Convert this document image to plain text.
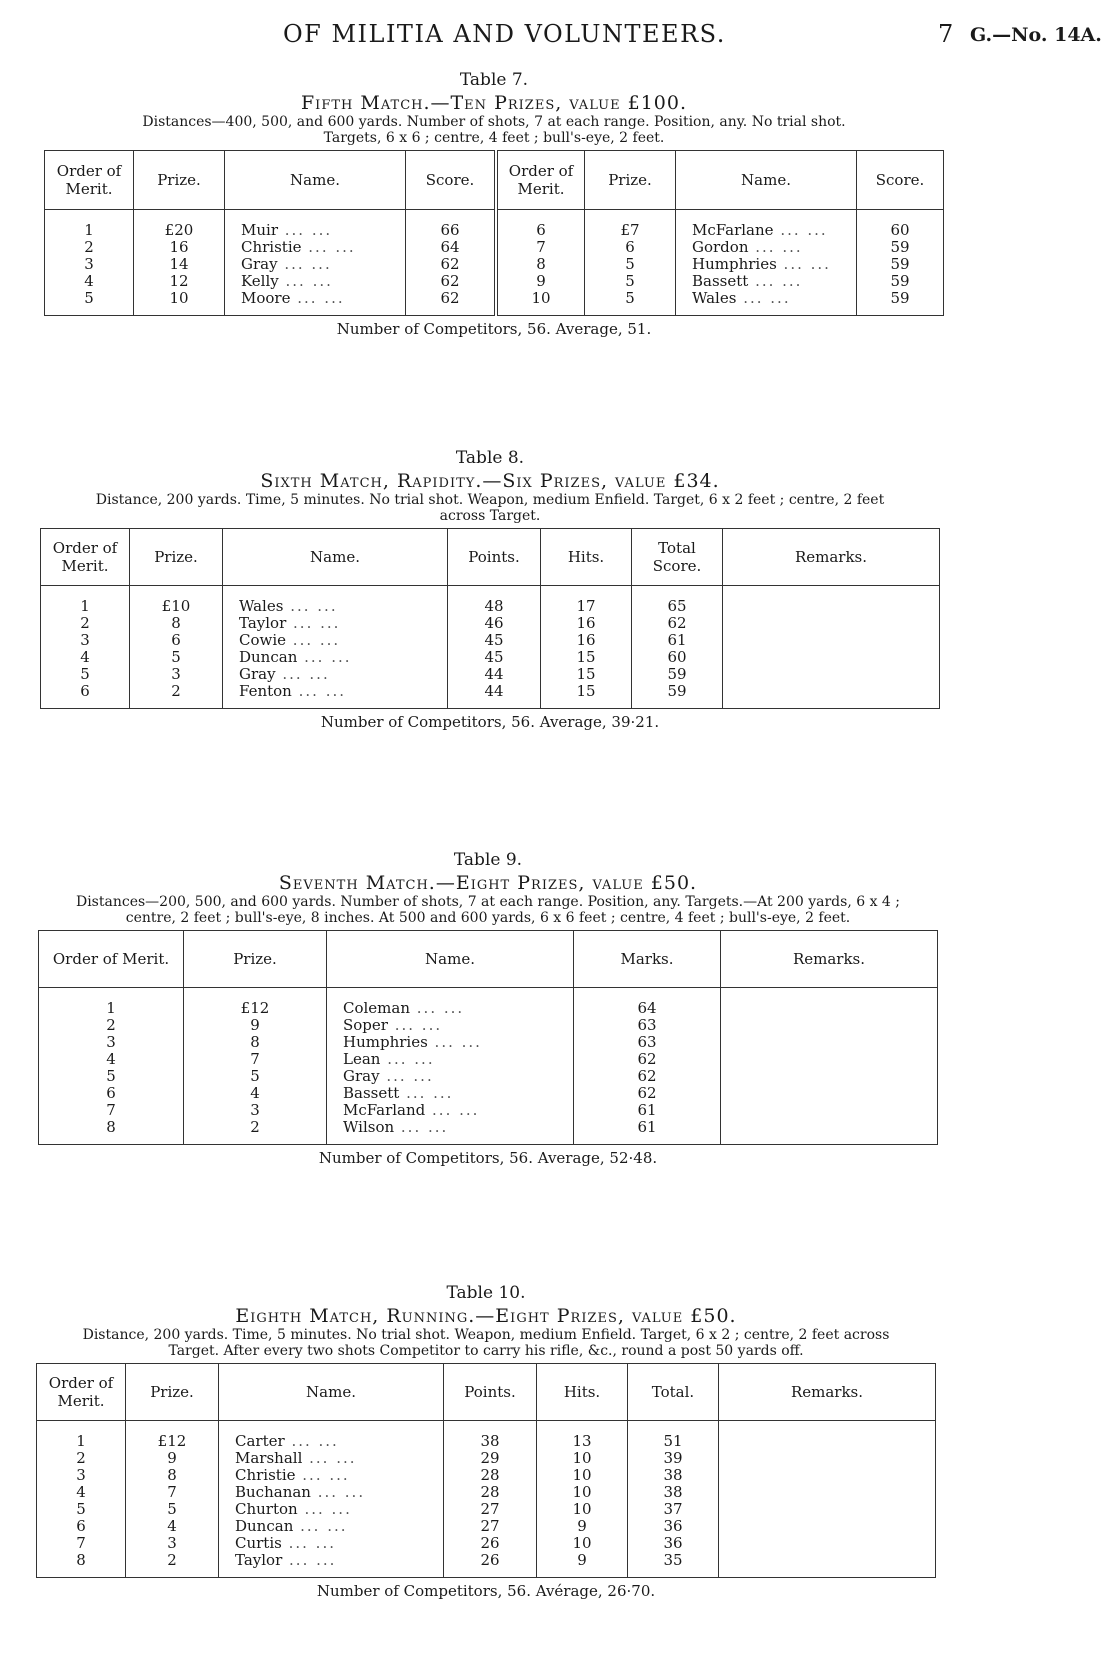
OF MILITIA AND VOLUNTEERS.	7 G.—No. 14A.
Table 7.
Fifth Match.—Ten Prizes, value £100.
Distances—400, 500, and 600 yards. Number of shots, 7 at each range. Position, any. No trial shot.
Targets, 6 x 6 ; centre, 4 feet ; bull's-eye, 2 feet.
Order of Merit.	Prize.	Name.	Score.	Order of Merit.	Prize.	Name.	Score.
1	£20	Muir ... ...	66	6	£7	McFarlane ... ...	60
2	16	Christie ... ...	64	7	6	Gordon ... ...	59
3	14	Gray ... ...	62	8	5	Humphries ... ...	59
4	12	Kelly ... ...	62	9	5	Bassett ... ...	59
5	10	Moore ... ...	62	10	5	Wales ... ...	59
Number of Competitors, 56. Average, 51.
Table 8.
Sixth Match, Rapidity.—Six Prizes, value £34.
Distance, 200 yards. Time, 5 minutes. No trial shot. Weapon, medium Enfield. Target, 6 x 2 feet ; centre, 2 feet
across Target.
Order of Merit.	Prize.	Name.	Points.	Hits.	Total Score.	Remarks.
1	£10	Wales ... ...	48	17	65	
2	8	Taylor ... ...	46	16	62	
3	6	Cowie ... ...	45	16	61	
4	5	Duncan ... ...	45	15	60	
5	3	Gray ... ...	44	15	59	
6	2	Fenton ... ...	44	15	59	
Number of Competitors, 56. Average, 39·21.
Table 9.
Seventh Match.—Eight Prizes, value £50.
Distances—200, 500, and 600 yards. Number of shots, 7 at each range. Position, any. Targets.—At 200 yards, 6 x 4 ;
centre, 2 feet ; bull's-eye, 8 inches. At 500 and 600 yards, 6 x 6 feet ; centre, 4 feet ; bull's-eye, 2 feet.
Order of Merit.	Prize.	Name.	Marks.	Remarks.
1	£12	Coleman ... ...	64	
2	9	Soper ... ...	63	
3	8	Humphries ... ...	63	
4	7	Lean ... ...	62	
5	5	Gray ... ...	62	
6	4	Bassett ... ...	62	
7	3	McFarland ... ...	61	
8	2	Wilson ... ...	61	
Number of Competitors, 56. Average, 52·48.
Table 10.
Eighth Match, Running.—Eight Prizes, value £50.
Distance, 200 yards. Time, 5 minutes. No trial shot. Weapon, medium Enfield. Target, 6 x 2 ; centre, 2 feet across
Target. After every two shots Competitor to carry his rifle, &c., round a post 50 yards off.
Order of Merit.	Prize.	Name.	Points.	Hits.	Total.	Remarks.
1	£12	Carter ... ...	38	13	51	
2	9	Marshall ... ...	29	10	39	
3	8	Christie ... ...	28	10	38	
4	7	Buchanan ... ...	28	10	38	
5	5	Churton ... ...	27	10	37	
6	4	Duncan ... ...	27	9	36	
7	3	Curtis ... ...	26	10	36	
8	2	Taylor ... ...	26	9	35	
Number of Competitors, 56. Avérage, 26·70.
